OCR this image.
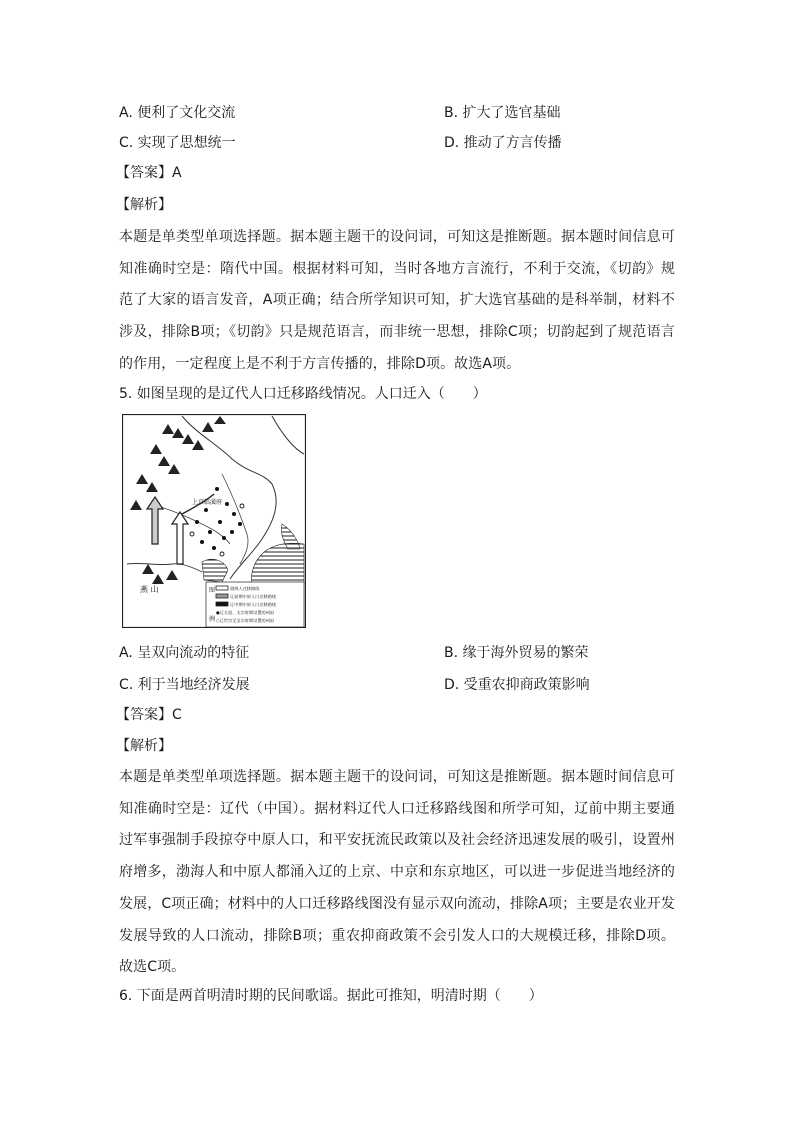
A. 便利了文化交流	B. 扩大了选官基础
C. 实现了思想统一	D. 推动了方言传播
【答案】A
【解析】
本题是单类型单项选择题。据本题主题干的设问词，可知这是推断题。据本题时间信息可知准确时空是：隋代中国。根据材料可知，当时各地方言流行，不利于交流，《切韵》规范了大家的语言发音，A项正确；结合所学知识可知，扩大选官基础的是科举制，材料不涉及，排除B项；《切韵》只是规范语言，而非统一思想，排除C项；切韵起到了规范语言的作用，一定程度上是不利于方言传播的，排除D项。故选A项。
5. 如图呈现的是辽代人口迁移路线情况。人口迁入（　　）
上京临潢府
燕 山	图
例
渤海人迁移路线
辽前期中原人口迁移路线
辽中期中原人口迁移路线
●辽太祖、太宗时期设置的州府
○辽世宗至圣宗时期设置的州府
A. 呈双向流动的特征	B. 缘于海外贸易的繁荣
C. 利于当地经济发展	D. 受重农抑商政策影响
【答案】C
【解析】
本题是单类型单项选择题。据本题主题干的设问词，可知这是推断题。据本题时间信息可知准确时空是：辽代（中国）。据材料辽代人口迁移路线图和所学可知，辽前中期主要通过军事强制手段掠夺中原人口，和平安抚流民政策以及社会经济迅速发展的吸引，设置州府增多，渤海人和中原人都涌入辽的上京、中京和东京地区，可以进一步促进当地经济的发展，C项正确；材料中的人口迁移路线图没有显示双向流动，排除A项；主要是农业开发发展导致的人口流动，排除B项；重农抑商政策不会引发人口的大规模迁移，排除D项。故选C项。
6. 下面是两首明清时期的民间歌谣。据此可推知，明清时期（　　）
